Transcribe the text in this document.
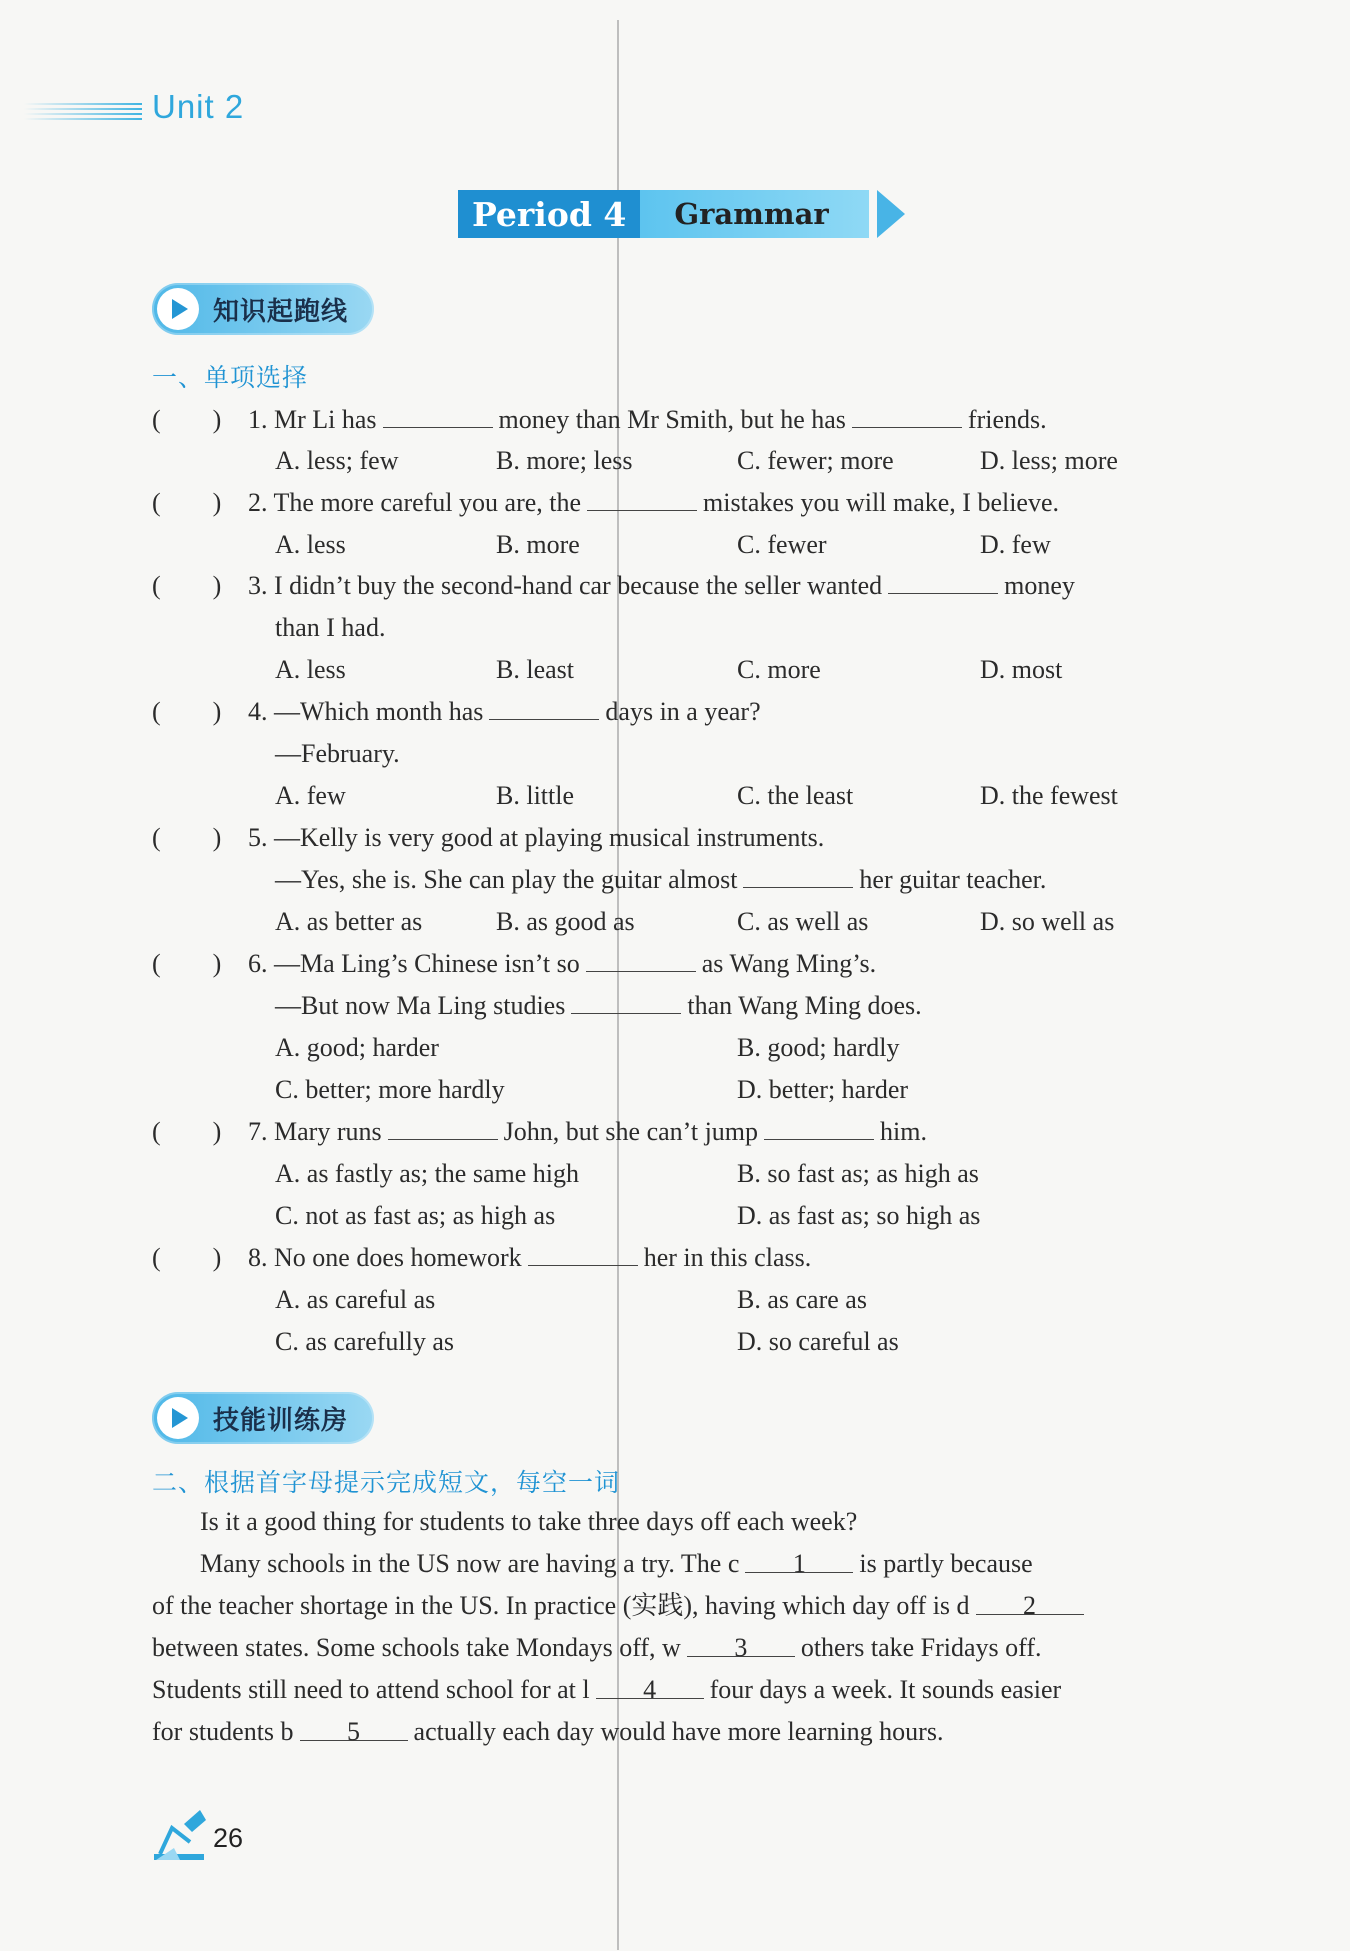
Unit 2
Period 4	Grammar
知识起跑线
一、单项选择
(        ) 1. Mr Li has	money than Mr Smith, but he has	friends.
A. less; few	B. more; less	C. fewer; more	D. less; more
(        ) 2. The more careful you are, the	mistakes you will make, I believe.
A. less	B. more	C. fewer	D. few
(        ) 3. I didn’t buy the second-hand car because the seller wanted	money
than I had.
A. less	B. least	C. more	D. most
(        ) 4. —Which month has	days in a year?
—February.
A. few	B. little	C. the least	D. the fewest
(        ) 5. —Kelly is very good at playing musical instruments.
—Yes, she is. She can play the guitar almost	her guitar teacher.
A. as better as	B. as good as	C. as well as	D. so well as
(        ) 6. —Ma Ling’s Chinese isn’t so	as Wang Ming’s.
—But now Ma Ling studies	than Wang Ming does.
A. good; harder	B. good; hardly
C. better; more hardly	D. better; harder
(        ) 7. Mary runs	John, but she can’t jump	him.
A. as fastly as; the same high	B. so fast as; as high as
C. not as fast as; as high as	D. as fast as; so high as
(        ) 8. No one does homework	her in this class.
A. as careful as	B. as care as
C. as carefully as	D. so careful as
技能训练房
二、根据首字母提示完成短文，每空一词
Is it a good thing for students to take three days off each week?
Many schools in the US now are having a try. The c 1 is partly because
of the teacher shortage in the US. In practice (实践), having which day off is d 2
between states. Some schools take Mondays off, w 3 others take Fridays off.
Students still need to attend school for at l 4 four days a week. It sounds easier
for students b 5 actually each day would have more learning hours.
26
